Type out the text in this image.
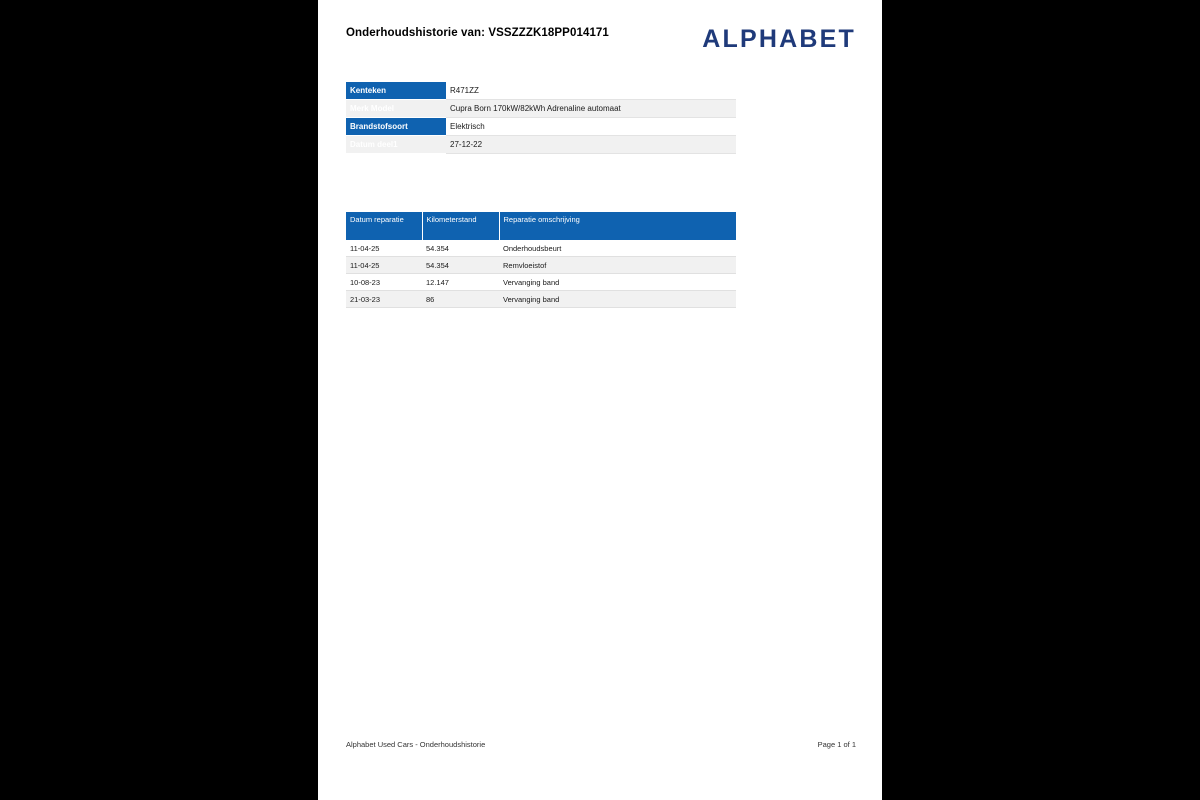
Onderhoudshistorie van: VSSZZZK18PP014171	ALPHABET
Kenteken	R471ZZ
Merk Model	Cupra Born 170kW/82kWh Adrenaline automaat
Brandstofsoort	Elektrisch
Datum deel1	27-12-22
Datum reparatie	Kilometerstand	Reparatie omschrijving
11-04-25	54.354	Onderhoudsbeurt
11-04-25	54.354	Remvloeistof
10-08-23	12.147	Vervanging band
21-03-23	86	Vervanging band
Alphabet Used Cars - Onderhoudshistorie	Page 1 of 1
